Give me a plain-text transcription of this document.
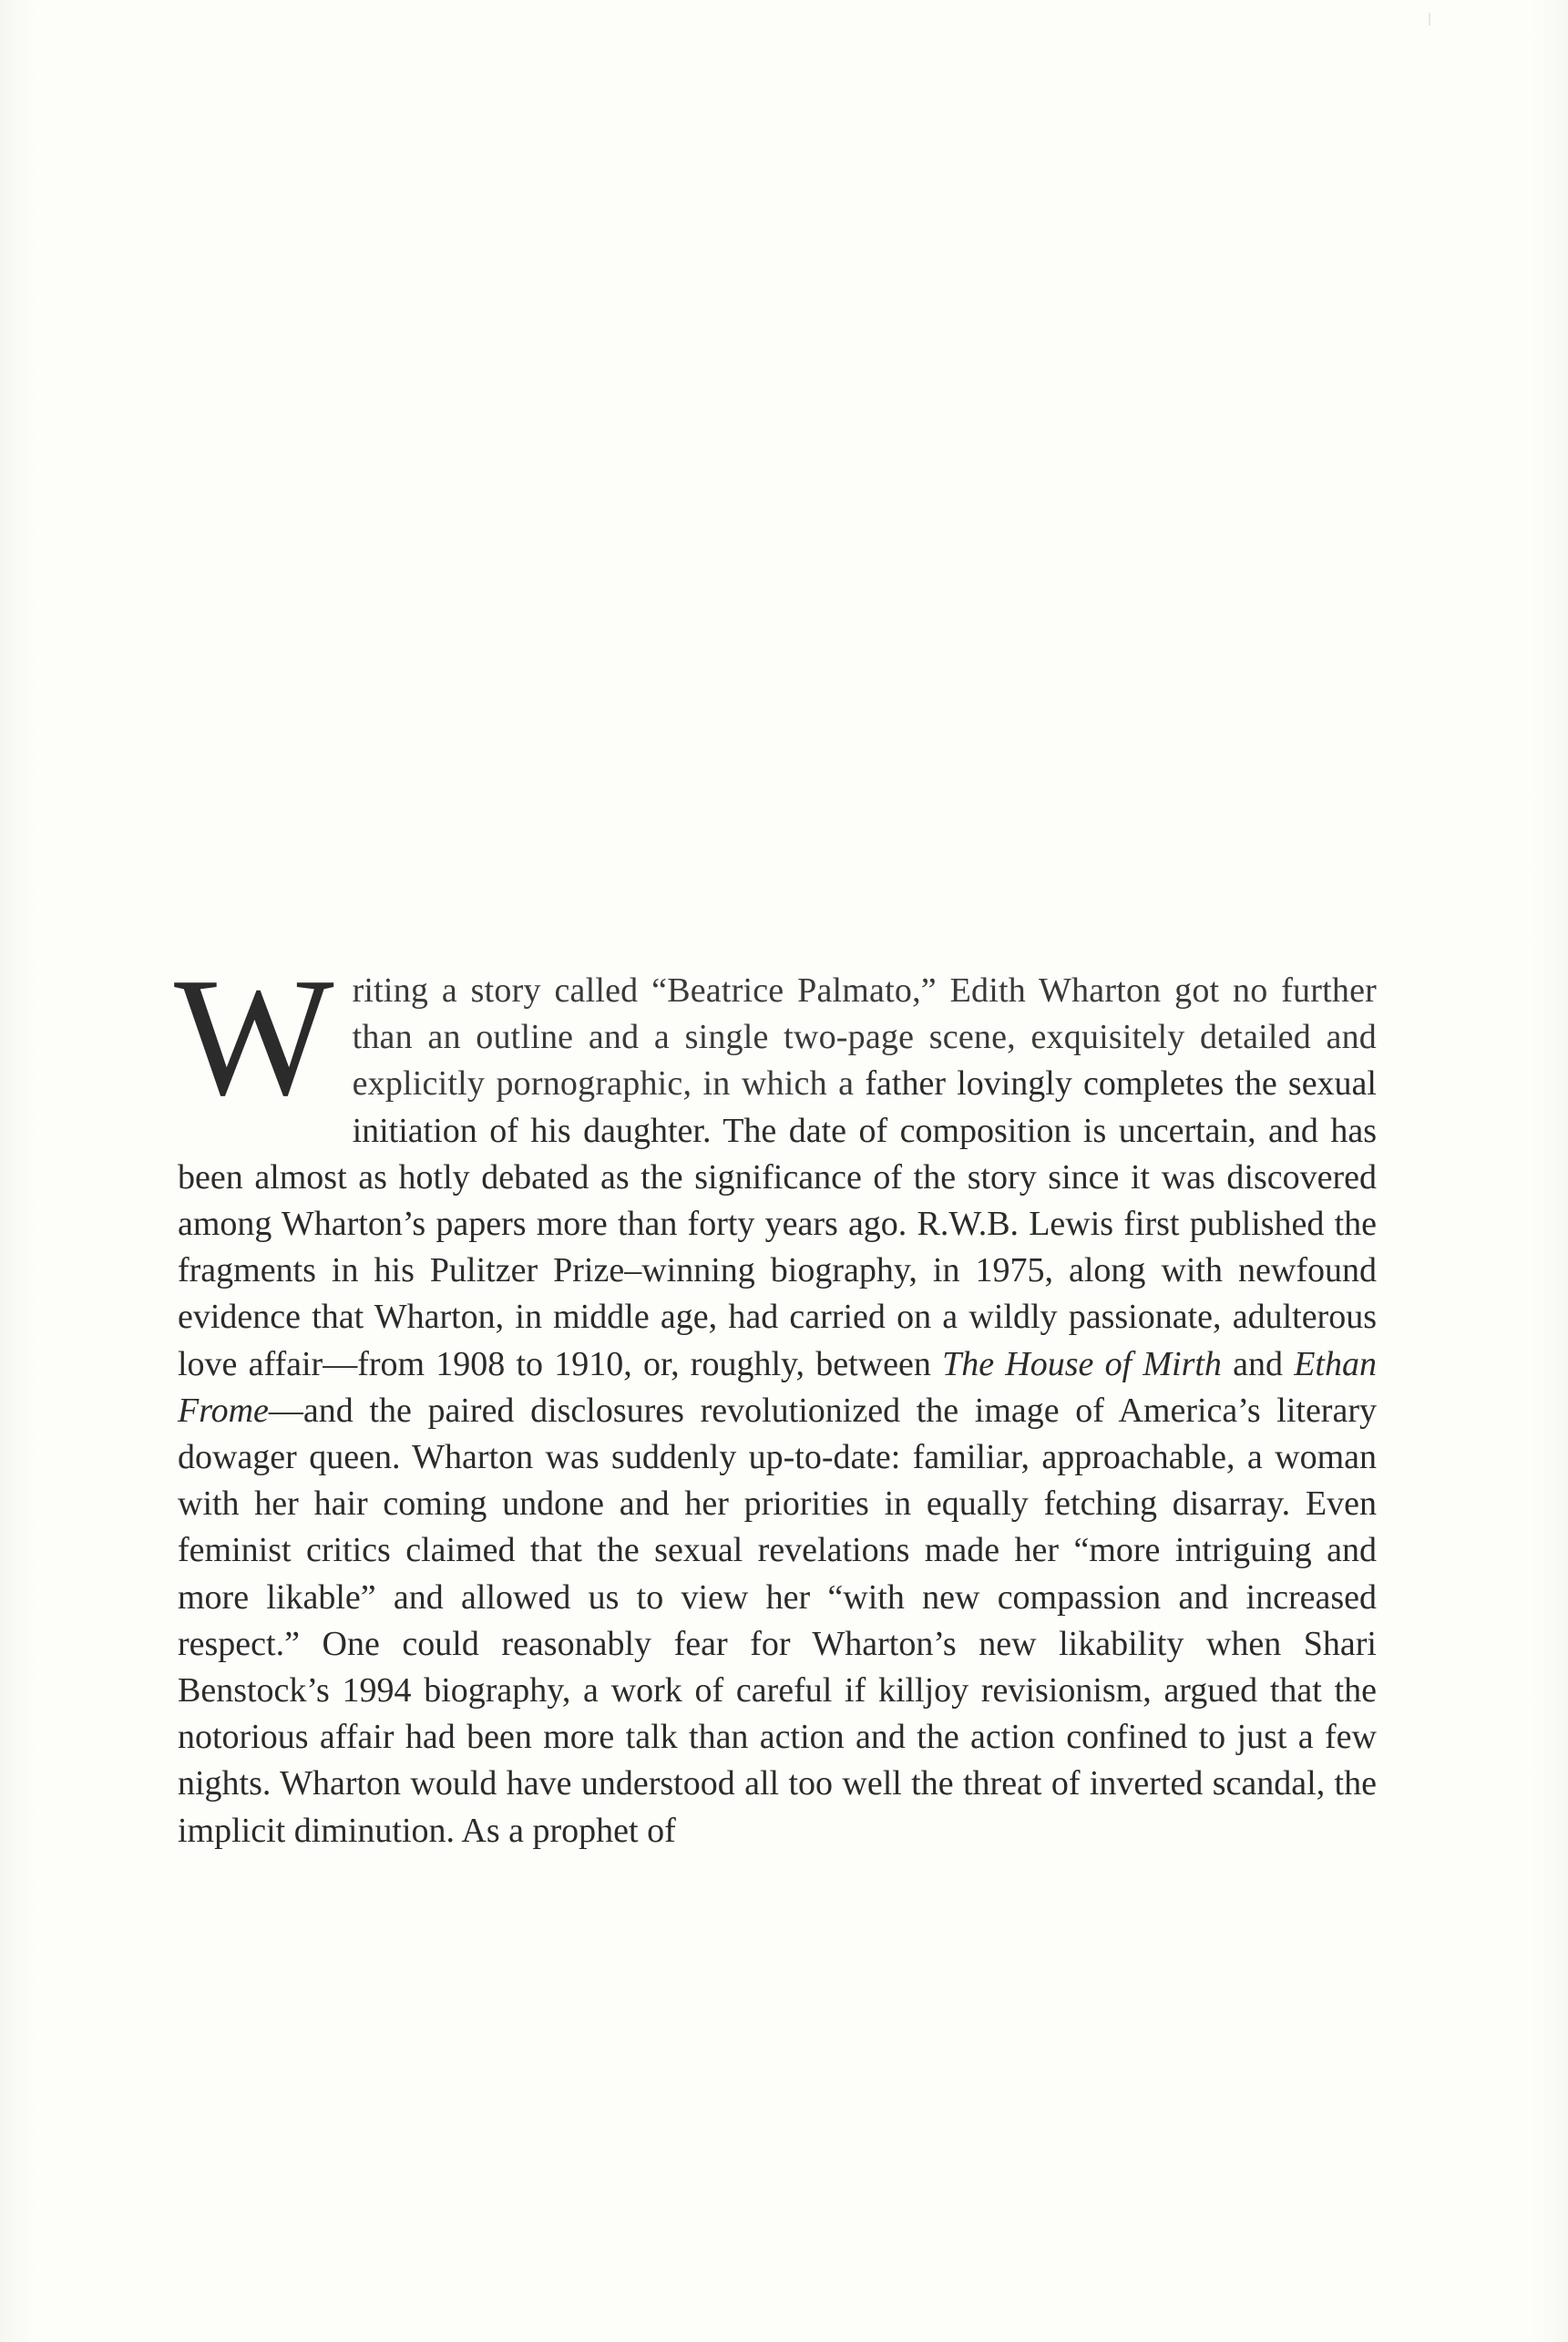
Writing a story called “Beatrice Palmato,” Edith Wharton got no further than an outline and a single two-page scene, exquisitely detailed and explicitly pornographic, in which a father lovingly completes the sexual initiation of his daughter. The date of composition is uncertain, and has been almost as hotly debated as the significance of the story since it was discovered among Wharton’s papers more than forty years ago. R.W.B. Lewis first published the fragments in his Pulitzer Prize–winning biography, in 1975, along with newfound evidence that Wharton, in middle age, had carried on a wildly passionate, adulterous love affair—from 1908 to 1910, or, roughly, between The House of Mirth and Ethan Frome—and the paired disclosures revolutionized the image of America’s literary dowager queen. Wharton was suddenly up-to-date: familiar, approachable, a woman with her hair coming undone and her priorities in equally fetching disarray. Even feminist critics claimed that the sexual revelations made her “more intriguing and more likable” and allowed us to view her “with new compassion and increased respect.” One could reasonably fear for Wharton’s new likability when Shari Benstock’s 1994 biography, a work of careful if killjoy revisionism, argued that the notorious affair had been more talk than action and the action confined to just a few nights. Wharton would have understood all too well the threat of inverted scandal, the implicit diminution. As a prophet of
